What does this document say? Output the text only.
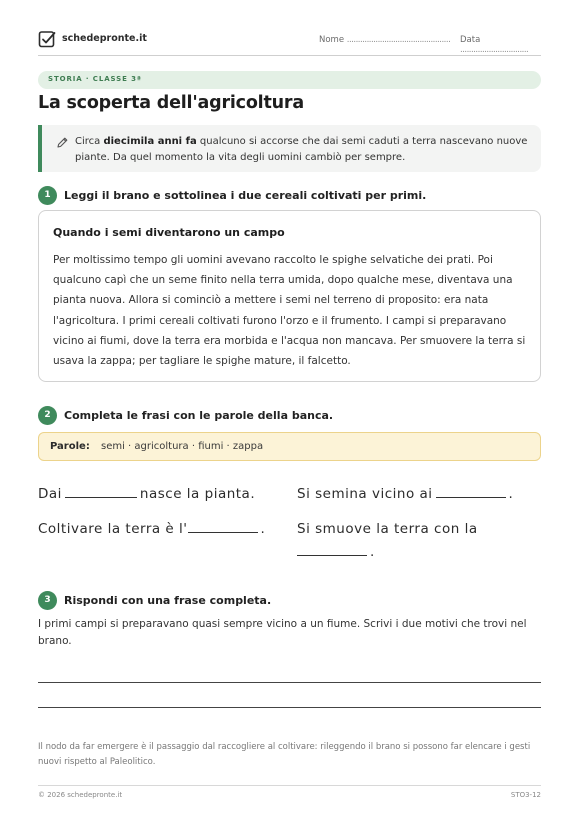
schedepronte.it	Nome ............................................... Data ...............................
STORIA · CLASSE 3ª
La scoperta dell'agricoltura
Circa diecimila anni fa qualcuno si accorse che dai semi caduti a terra nascevano nuove piante. Da quel momento la vita degli uomini cambiò per sempre.
1	Leggi il brano e sottolinea i due cereali coltivati per primi.
Quando i semi diventarono un campo
Per moltissimo tempo gli uomini avevano raccolto le spighe selvatiche dei prati. Poi qualcuno capì che un seme finito nella terra umida, dopo qualche mese, diventava una pianta nuova. Allora si cominciò a mettere i semi nel terreno di proposito: era nata l'agricoltura. I primi cereali coltivati furono l'orzo e il frumento. I campi si preparavano vicino ai fiumi, dove la terra era morbida e l'acqua non mancava. Per smuovere la terra si usava la zappa; per tagliare le spighe mature, il falcetto.
2	Completa le frasi con le parole della banca.
Parole: semi · agricoltura · fiumi · zappa
Dai	nasce la pianta.	Si semina vicino ai	.
Coltivare la terra è l'	. Si smuove la terra con la
.
3	Rispondi con una frase completa.
I primi campi si preparavano quasi sempre vicino a un fiume. Scrivi i due motivi che trovi nel brano.
Il nodo da far emergere è il passaggio dal raccogliere al coltivare: rileggendo il brano si possono far elencare i gesti nuovi rispetto al Paleolitico.
© 2026 schedepronte.it	STO3-12
